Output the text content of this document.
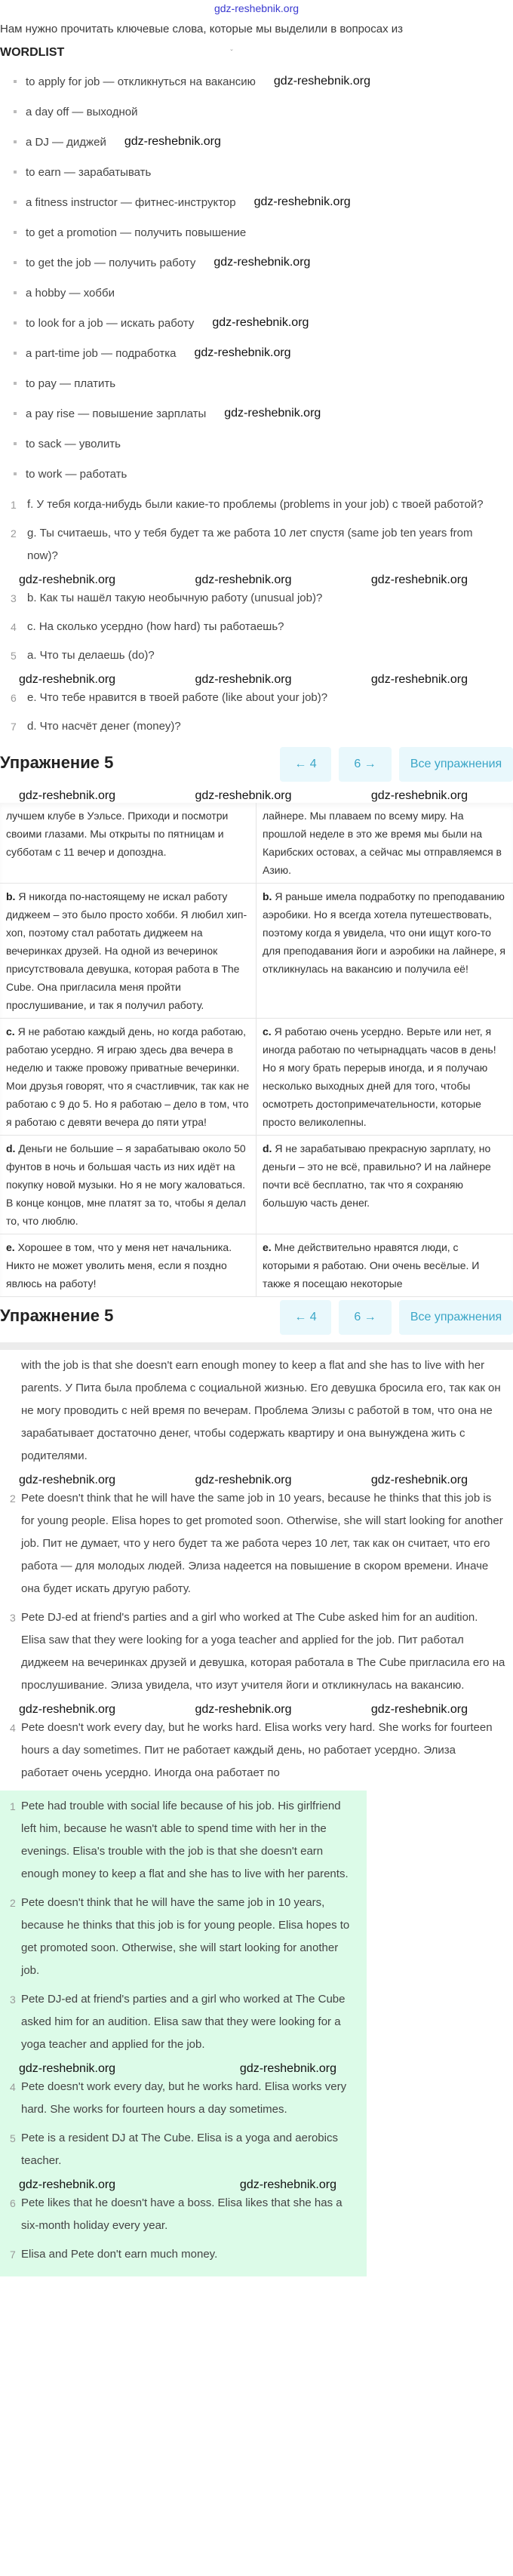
gdz-reshebnik.org
Нам нужно прочитать ключевые слова, которые мы выделили в вопросах из
WORDLIST	ˇ
to apply for job — откликнуться на вакансию gdz-reshebnik.org
a day off — выходной
a DJ — диджей gdz-reshebnik.org
to earn — зарабатывать
a fitness instructor — фитнес-инструктор gdz-reshebnik.org
to get a promotion — получить повышение
to get the job — получить работу gdz-reshebnik.org
a hobby — хобби
to look for a job — искать работу gdz-reshebnik.org
a part-time job — подработка gdz-reshebnik.org
to pay — платить
a pay rise — повышение зарплаты gdz-reshebnik.org
to sack — уволить
to work — работать
1 f. У тебя когда-нибудь были какие-то проблемы (problems in your job) с твоей работой?
2 g. Ты считаешь, что у тебя будет та же работа 10 лет спустя (same job ten years from now)?
gdz-reshebnik.org	gdz-reshebnik.org	gdz-reshebnik.org
3 b. Как ты нашёл такую необычную работу (unusual job)?
4 c. На сколько усердно (how hard) ты работаешь?
5 a. Что ты делаешь (do)?
gdz-reshebnik.org	gdz-reshebnik.org	gdz-reshebnik.org
6 e. Что тебе нравится в твоей работе (like about your job)?
7 d. Что насчёт денег (money)?
Упражнение 5	← 4	6 →	Все упражнения
gdz-reshebnik.org	gdz-reshebnik.org	gdz-reshebnik.org
лучшем клубе в Уэльсе. Приходи и посмотри своими глазами. Мы открыты по пятницам и субботам с 11 вечер и допоздна.
лайнере. Мы плаваем по всему миру. На прошлой неделе в это же время мы были на Карибских остовах, а сейчас мы отправляемся в Азию.
b. Я никогда по-настоящему не искал работу диджеем – это было просто хобби. Я любил хип-хоп, поэтому стал работать диджеем на вечеринках друзей. На одной из вечеринок присутствовала девушка, которая работа в The Cube. Она пригласила меня пройти прослушивание, и так я получил работу.
b. Я раньше имела подработку по преподаванию аэробики. Но я всегда хотела путешествовать, поэтому когда я увидела, что они ищут кого-то для преподавания йоги и аэробики на лайнере, я откликнулась на вакансию и получила её!
c. Я не работаю каждый день, но когда работаю, работаю усердно. Я играю здесь два вечера в неделю и также провожу приватные вечеринки. Мои друзья говорят, что я счастливчик, так как не работаю с 9 до 5. Но я работаю – дело в том, что я работаю с девяти вечера до пяти утра!
c. Я работаю очень усердно. Верьте или нет, я иногда работаю по четырнадцать часов в день! Но я могу брать перерыв иногда, и я получаю несколько выходных дней для того, чтобы осмотреть достопримечательности, которые просто великолепны.
d. Деньги не большие – я зарабатываю около 50 фунтов в ночь и большая часть из них идёт на покупку новой музыки. Но я не могу жаловаться. В конце концов, мне платят за то, чтобы я делал то, что люблю.
d. Я не зарабатываю прекрасную зарплату, но деньги – это не всё, правильно? И на лайнере почти всё бесплатно, так что я сохраняю большую часть денег.
e. Хорошее в том, что у меня нет начальника. Никто не может уволить меня, если я поздно явлюсь на работу!
e. Мне действительно нравятся люди, с которыми я работаю. Они очень весёлые. И также я посещаю некоторые
Упражнение 5	← 4	6 →	Все упражнения
with the job is that she doesn't earn enough money to keep a flat and she has to live with her parents. У Пита была проблема с социальной жизнью. Его девушка бросила его, так как он не могу проводить с ней время по вечерам. Проблема Элизы с работой в том, что она не зарабатывает достаточно денег, чтобы содержать квартиру и она вынуждена жить с родителями.
gdz-reshebnik.org	gdz-reshebnik.org	gdz-reshebnik.org
2 Pete doesn't think that he will have the same job in 10 years, because he thinks that this job is for young people. Elisa hopes to get promoted soon. Otherwise, she will start looking for another job. Пит не думает, что у него будет та же работа через 10 лет, так как он считает, что его работа — для молодых людей. Элиза надеется на повышение в скором времени. Иначе она будет искать другую работу.
3 Pete DJ-ed at friend's parties and a girl who worked at The Cube asked him for an audition. Elisa saw that they were looking for a yoga teacher and applied for the job. Пит работал диджеем на вечеринках друзей и девушка, которая работала в The Cube пригласила его на прослушивание. Элиза увидела, что изут учителя йоги и откликнулась на вакансию.
gdz-reshebnik.org	gdz-reshebnik.org	gdz-reshebnik.org
4 Pete doesn't work every day, but he works hard. Elisa works very hard. She works for fourteen hours a day sometimes. Пит не работает каждый день, но работает усердно. Элиза работает очень усердно. Иногда она работает по
1 Pete had trouble with social life because of his job. His girlfriend left him, because he wasn't able to spend time with her in the evenings. Elisa's trouble with the job is that she doesn't earn enough money to keep a flat and she has to live with her parents.
2 Pete doesn't think that he will have the same job in 10 years, because he thinks that this job is for young people. Elisa hopes to get promoted soon. Otherwise, she will start looking for another job.
3 Pete DJ-ed at friend's parties and a girl who worked at The Cube asked him for an audition. Elisa saw that they were looking for a yoga teacher and applied for the job.
gdz-reshebnik.org	gdz-reshebnik.org
4 Pete doesn't work every day, but he works hard. Elisa works very hard. She works for fourteen hours a day sometimes.
5 Pete is a resident DJ at The Cube. Elisa is a yoga and aerobics teacher.
gdz-reshebnik.org	gdz-reshebnik.org
6 Pete likes that he doesn't have a boss. Elisa likes that she has a six-month holiday every year.
7 Elisa and Pete don't earn much money.
